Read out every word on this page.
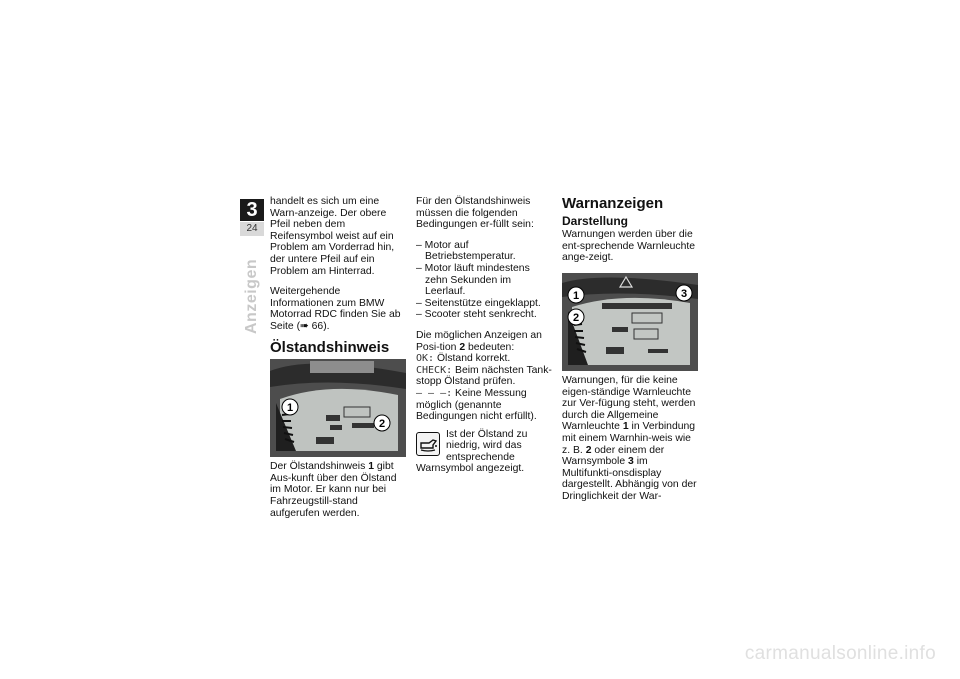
3
24
Anzeigen

handelt es sich um eine Warn-anzeige. Der obere Pfeil neben dem Reifensymbol weist auf ein Problem am Vorderrad hin, der untere Pfeil auf ein Problem am Hinterrad.

Weitergehende Informationen zum BMW Motorrad RDC finden Sie ab Seite (➠ 66).

Ölstandshinweis
1
2

Der Ölstandshinweis 1 gibt Aus-kunft über den Ölstand im Motor. Er kann nur bei Fahrzeugstill-stand aufgerufen werden.

Für den Ölstandshinweis müssen die folgenden Bedingungen er-füllt sein:

– Motor auf Betriebstemperatur.
– Motor läuft mindestens zehn Sekunden im Leerlauf.
– Seitenstütze eingeklappt.
– Scooter steht senkrecht.

Die möglichen Anzeigen an Posi-tion 2 bedeuten:

OK: Ölstand korrekt.
CHECK: Beim nächsten Tank-stopp Ölstand prüfen.
– – –: Keine Messung möglich (genannte Bedingungen nicht erfüllt).
Ist der Ölstand zu niedrig, wird das entsprechende Warnsymbol angezeigt.
Warnanzeigen
Darstellung

Warnungen werden über die ent-sprechende Warnleuchte ange-zeigt.

1
2
3

Warnungen, für die keine eigen-ständige Warnleuchte zur Ver-fügung steht, werden durch die Allgemeine Warnleuchte 1 in Verbindung mit einem Warnhin-weis wie z. B. 2 oder einem der Warnsymbole 3 im Multifunkti-onsdisplay dargestellt. Abhängig von der Dringlichkeit der War-

carmanualsonline.info
